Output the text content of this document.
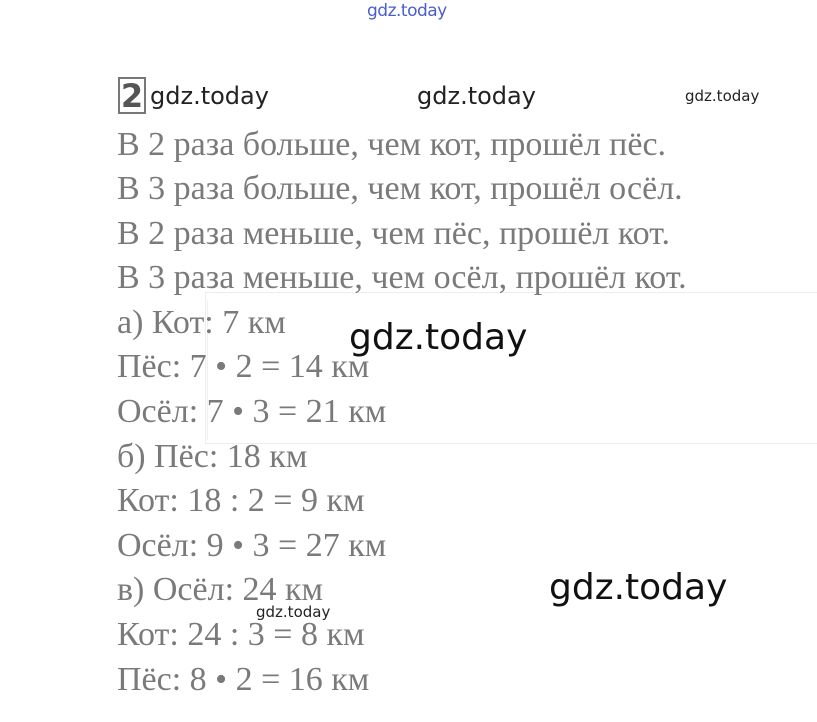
gdz.today
2 gdz.today	gdz.today	gdz.today
В 2 раза больше, чем кот, прошёл пёс.
В 3 раза больше, чем кот, прошёл осёл.
В 2 раза меньше, чем пёс, прошёл кот.
В 3 раза меньше, чем осёл, прошёл кот.
а) Кот: 7 км
Пёс: 7 • 2 = 14 км
Осёл: 7 • 3 = 21 км
б) Пёс: 18 км
Кот: 18 : 2 = 9 км
Осёл: 9 • 3 = 27 км
в) Осёл: 24 км
Кот: 24 : 3 = 8 км
Пёс: 8 • 2 = 16 км
gdz.today
gdz.today
gdz.today
